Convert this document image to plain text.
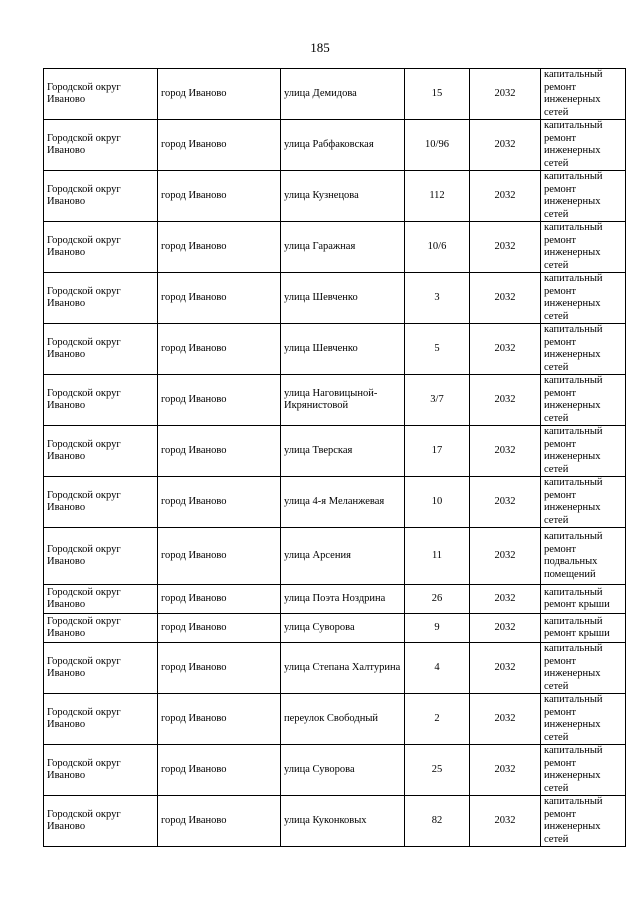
185
Городской округ Иваново	город Иваново	улица Демидова	15	2032	капитальный ремонт инженерных сетей
Городской округ Иваново	город Иваново	улица Рабфаковская	10/96	2032	капитальный ремонт инженерных сетей
Городской округ Иваново	город Иваново	улица Кузнецова	112	2032	капитальный ремонт инженерных сетей
Городской округ Иваново	город Иваново	улица Гаражная	10/6	2032	капитальный ремонт инженерных сетей
Городской округ Иваново	город Иваново	улица Шевченко	3	2032	капитальный ремонт инженерных сетей
Городской округ Иваново	город Иваново	улица Шевченко	5	2032	капитальный ремонт инженерных сетей
Городской округ Иваново	город Иваново	улица Наговицыной-Икрянистовой	3/7	2032	капитальный ремонт инженерных сетей
Городской округ Иваново	город Иваново	улица Тверская	17	2032	капитальный ремонт инженерных сетей
Городской округ Иваново	город Иваново	улица 4-я Меланжевая	10	2032	капитальный ремонт инженерных сетей
Городской округ Иваново	город Иваново	улица Арсения	11	2032	капитальный ремонт подвальных помещений
Городской округ Иваново	город Иваново	улица Поэта Ноздрина	26	2032	капитальный ремонт крыши
Городской округ Иваново	город Иваново	улица Суворова	9	2032	капитальный ремонт крыши
Городской округ Иваново	город Иваново	улица Степана Халтурина	4	2032	капитальный ремонт инженерных сетей
Городской округ Иваново	город Иваново	переулок Свободный	2	2032	капитальный ремонт инженерных сетей
Городской округ Иваново	город Иваново	улица Суворова	25	2032	капитальный ремонт инженерных сетей
Городской округ Иваново	город Иваново	улица Куконковых	82	2032	капитальный ремонт инженерных сетей
